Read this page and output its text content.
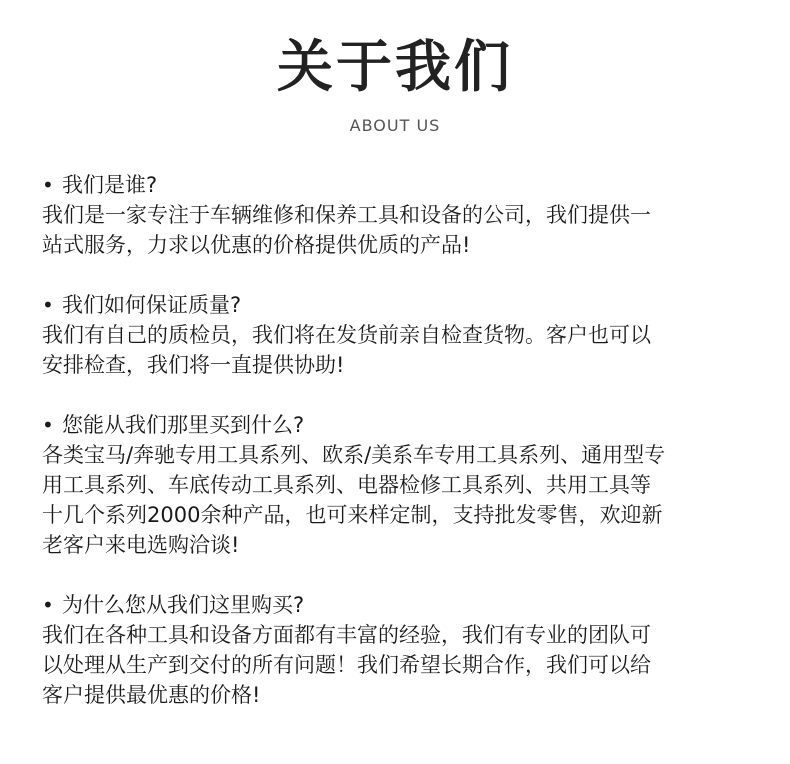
关于我们
ABOUT US
• 我们是谁?
我们是一家专注于车辆维修和保养工具和设备的公司，我们提供一
站式服务，力求以优惠的价格提供优质的产品!
• 我们如何保证质量?
我们有自己的质检员，我们将在发货前亲自检查货物。客户也可以
安排检查，我们将一直提供协助!
• 您能从我们那里买到什么?
各类宝马/奔驰专用工具系列、欧系/美系车专用工具系列、通用型专
用工具系列、车底传动工具系列、电器检修工具系列、共用工具等
十几个系列2000余种产品，也可来样定制，支持批发零售，欢迎新
老客户来电选购洽谈!
• 为什么您从我们这里购买?
我们在各种工具和设备方面都有丰富的经验，我们有专业的团队可
以处理从生产到交付的所有问题！我们希望长期合作，我们可以给
客户提供最优惠的价格!
